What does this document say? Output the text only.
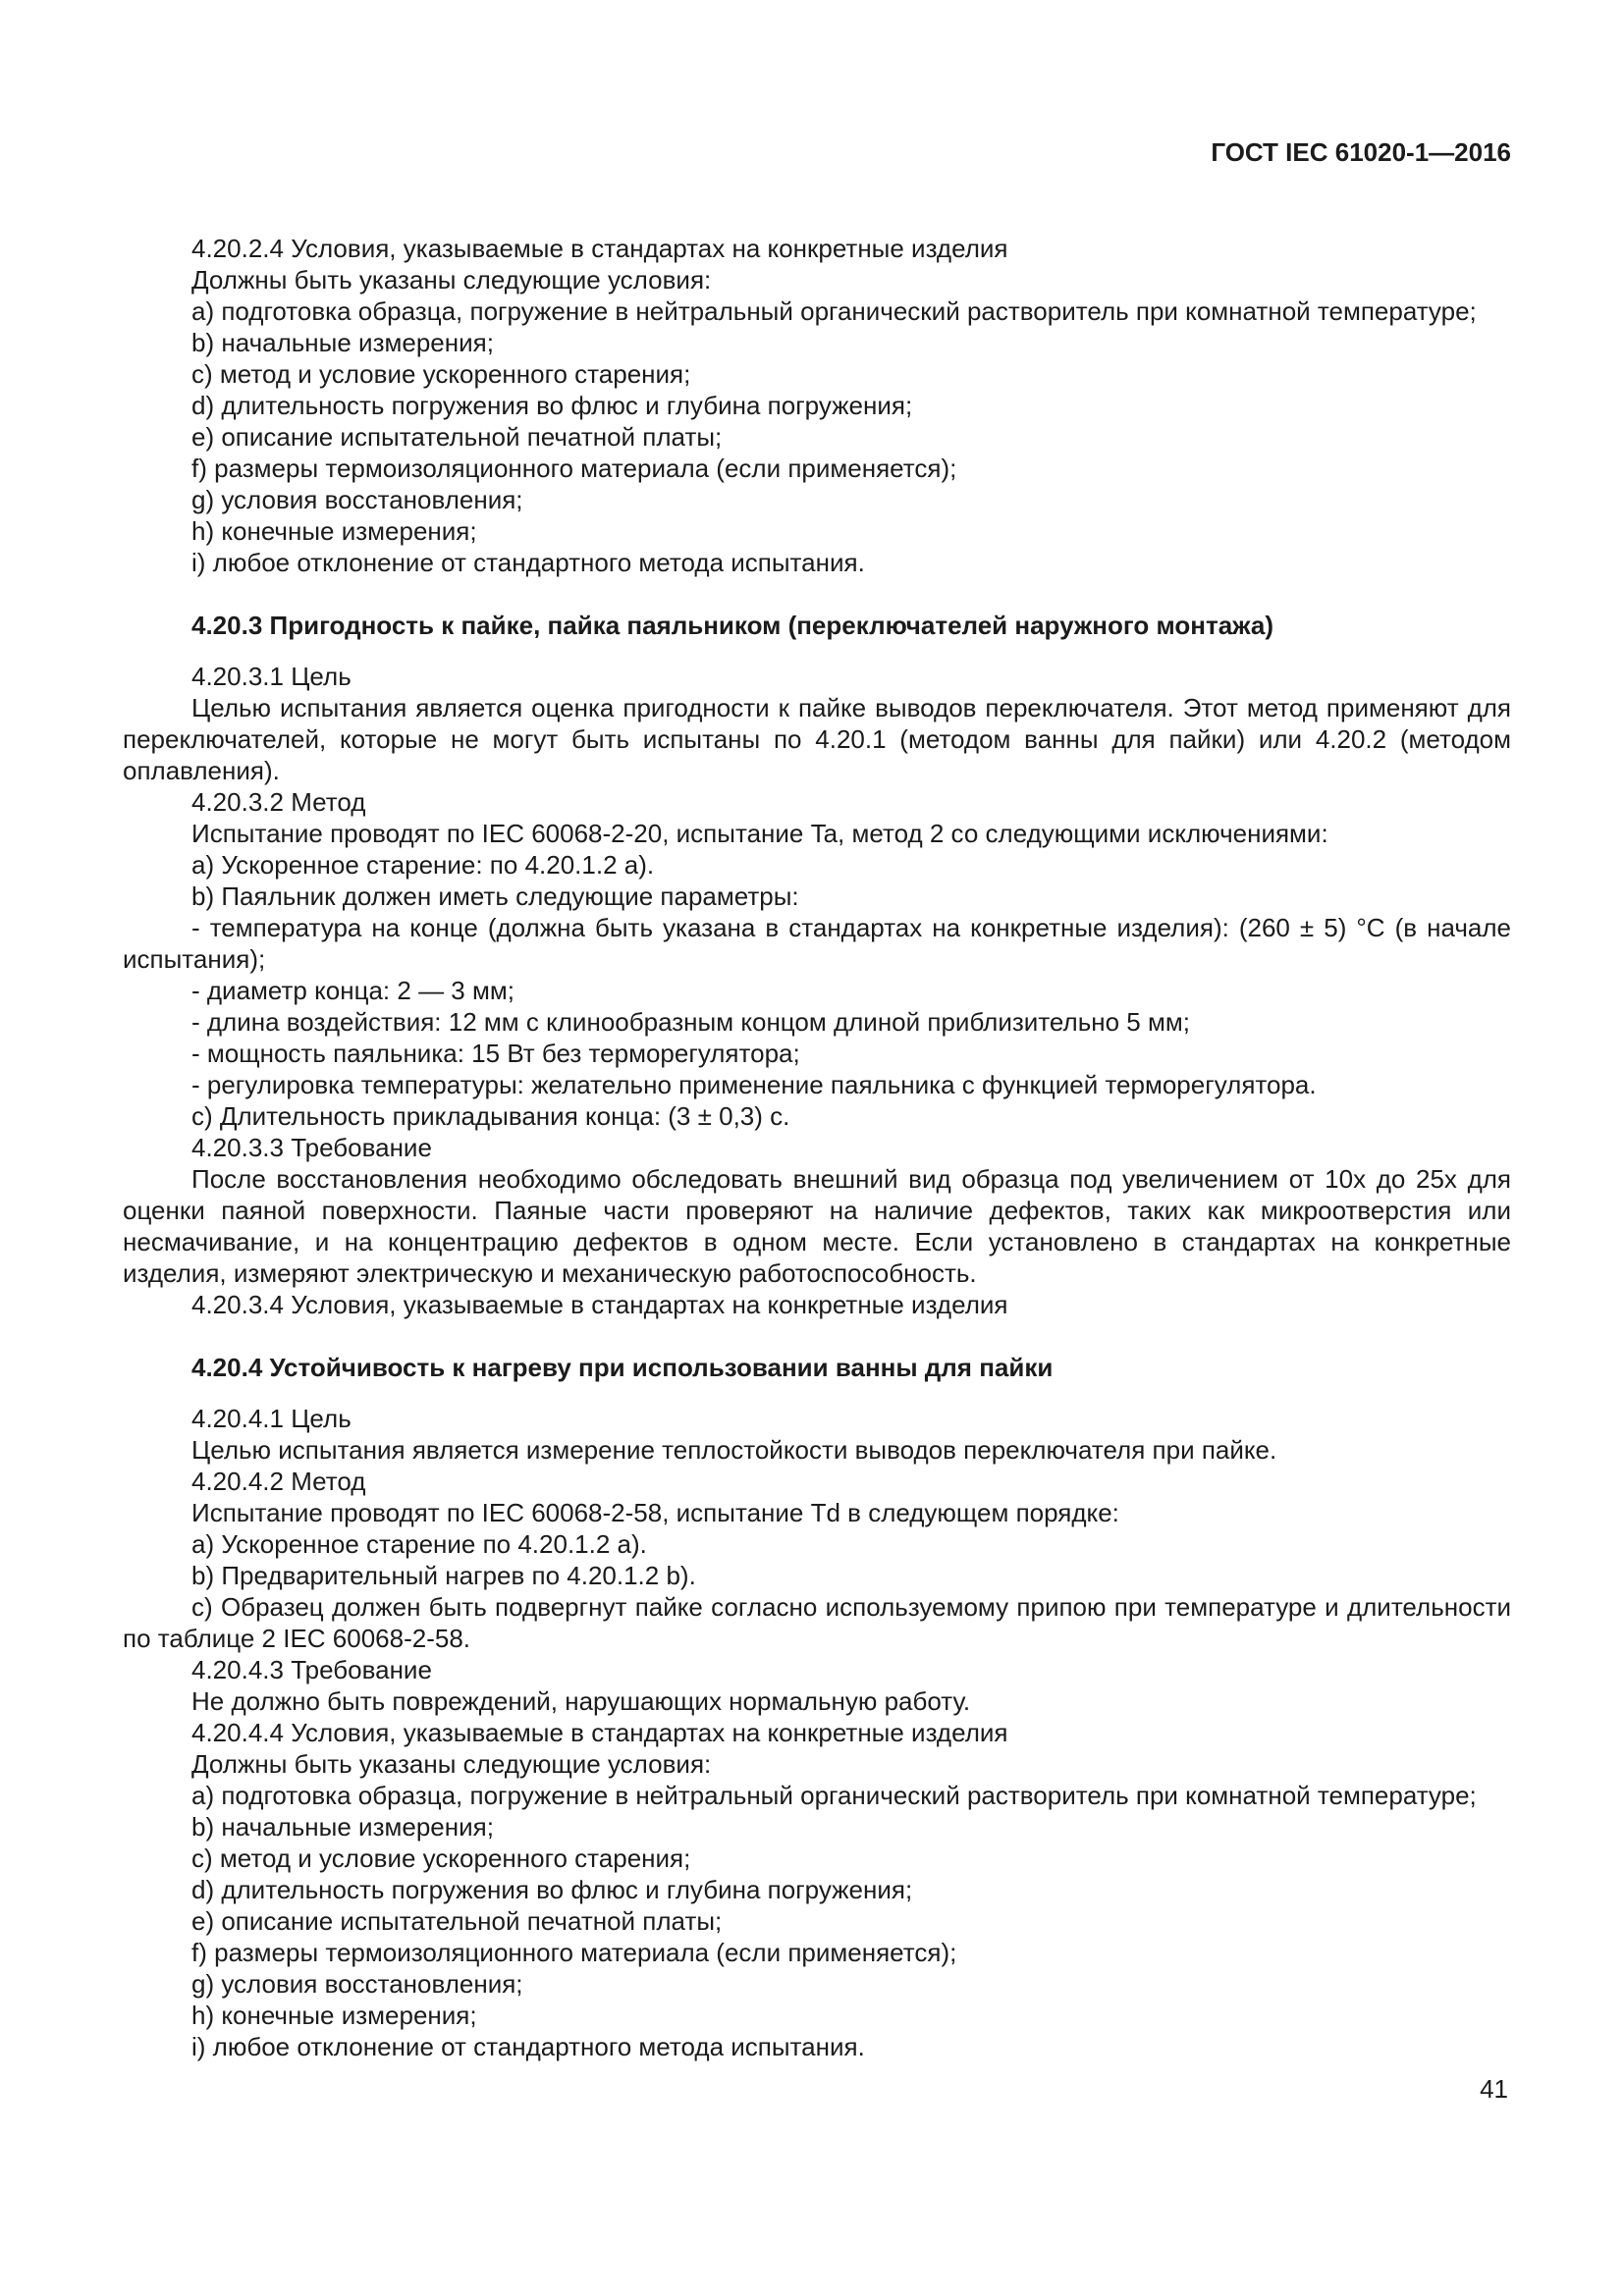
ГОСТ IEC 61020-1—2016

4.20.2.4 Условия, указываемые в стандартах на конкретные изделия

Должны быть указаны следующие условия:

a) подготовка образца, погружение в нейтральный органический растворитель при комнатной температуре;

b) начальные измерения;

c) метод и условие ускоренного старения;

d) длительность погружения во флюс и глубина погружения;

e) описание испытательной печатной платы;

f) размеры термоизоляционного материала (если применяется);

g) условия восстановления;

h) конечные измерения;

i) любое отклонение от стандартного метода испытания.

4.20.3 Пригодность к пайке, пайка паяльником (переключателей наружного монтажа)

4.20.3.1 Цель

Целью испытания является оценка пригодности к пайке выводов переключателя. Этот метод применяют для переключателей, которые не могут быть испытаны по 4.20.1 (методом ванны для пайки) или 4.20.2 (методом оплавления).

4.20.3.2 Метод

Испытание проводят по IEC 60068-2-20, испытание Ta, метод 2 со следующими исключениями:

a) Ускоренное старение: по 4.20.1.2 a).

b) Паяльник должен иметь следующие параметры:

- температура на конце (должна быть указана в стандартах на конкретные изделия): (260 ± 5) °С (в начале испытания);

- диаметр конца: 2 — 3 мм;

- длина воздействия: 12 мм с клинообразным концом длиной приблизительно 5 мм;

- мощность паяльника: 15 Вт без терморегулятора;

- регулировка температуры: желательно применение паяльника с функцией терморегулятора.

c) Длительность прикладывания конца: (3 ± 0,3) с.

4.20.3.3 Требование

После восстановления необходимо обследовать внешний вид образца под увеличением от 10x до 25x для оценки паяной поверхности. Паяные части проверяют на наличие дефектов, таких как микроотверстия или несмачивание, и на концентрацию дефектов в одном месте. Если установлено в стандартах на конкретные изделия, измеряют электрическую и механическую работоспособность.

4.20.3.4 Условия, указываемые в стандартах на конкретные изделия

4.20.4 Устойчивость к нагреву при использовании ванны для пайки

4.20.4.1 Цель

Целью испытания является измерение теплостойкости выводов переключателя при пайке.

4.20.4.2 Метод

Испытание проводят по IEC 60068-2-58, испытание Td в следующем порядке:

a) Ускоренное старение по 4.20.1.2 a).

b) Предварительный нагрев по 4.20.1.2 b).

c) Образец должен быть подвергнут пайке согласно используемому припою при температуре и длительности по таблице 2 IEC 60068-2-58.

4.20.4.3 Требование

Не должно быть повреждений, нарушающих нормальную работу.

4.20.4.4 Условия, указываемые в стандартах на конкретные изделия

Должны быть указаны следующие условия:

a) подготовка образца, погружение в нейтральный органический растворитель при комнатной температуре;

b) начальные измерения;

c) метод и условие ускоренного старения;

d) длительность погружения во флюс и глубина погружения;

e) описание испытательной печатной платы;

f) размеры термоизоляционного материала (если применяется);

g) условия восстановления;

h) конечные измерения;

i) любое отклонение от стандартного метода испытания.

41
